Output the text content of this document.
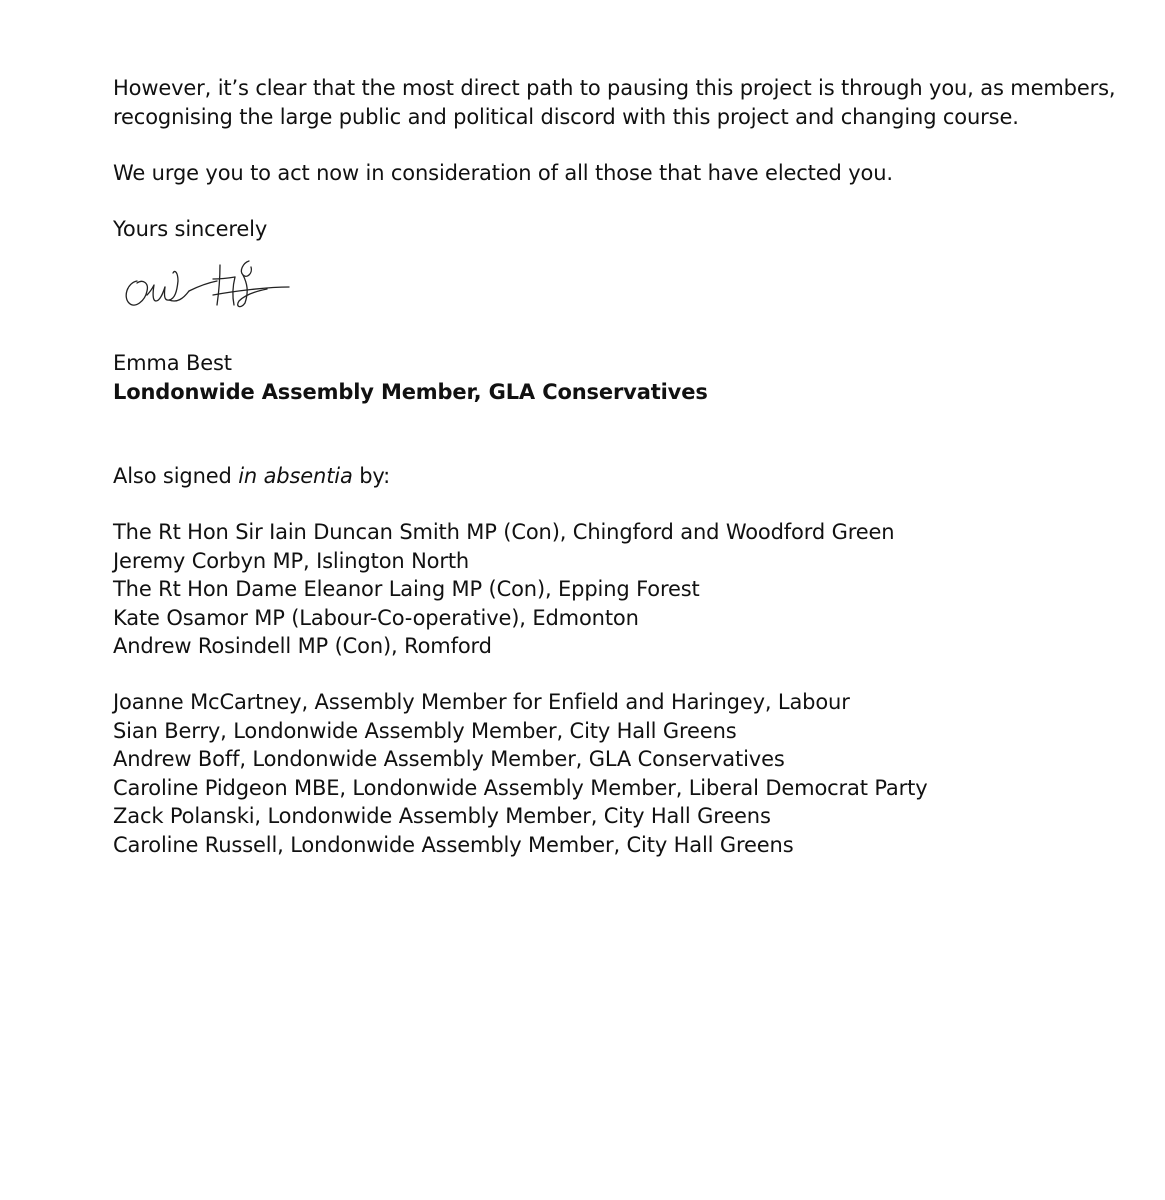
However, it’s clear that the most direct path to pausing this project is through you, as members,
recognising the large public and political discord with this project and changing course.
We urge you to act now in consideration of all those that have elected you.
Yours sincerely
Emma Best
Londonwide Assembly Member, GLA Conservatives
Also signed in absentia by:
The Rt Hon Sir Iain Duncan Smith MP (Con), Chingford and Woodford Green
Jeremy Corbyn MP, Islington North
The Rt Hon Dame Eleanor Laing MP (Con), Epping Forest
Kate Osamor MP (Labour-Co-operative), Edmonton
Andrew Rosindell MP (Con), Romford
Joanne McCartney, Assembly Member for Enfield and Haringey, Labour
Sian Berry, Londonwide Assembly Member, City Hall Greens
Andrew Boff, Londonwide Assembly Member, GLA Conservatives
Caroline Pidgeon MBE, Londonwide Assembly Member, Liberal Democrat Party
Zack Polanski, Londonwide Assembly Member, City Hall Greens
Caroline Russell, Londonwide Assembly Member, City Hall Greens
